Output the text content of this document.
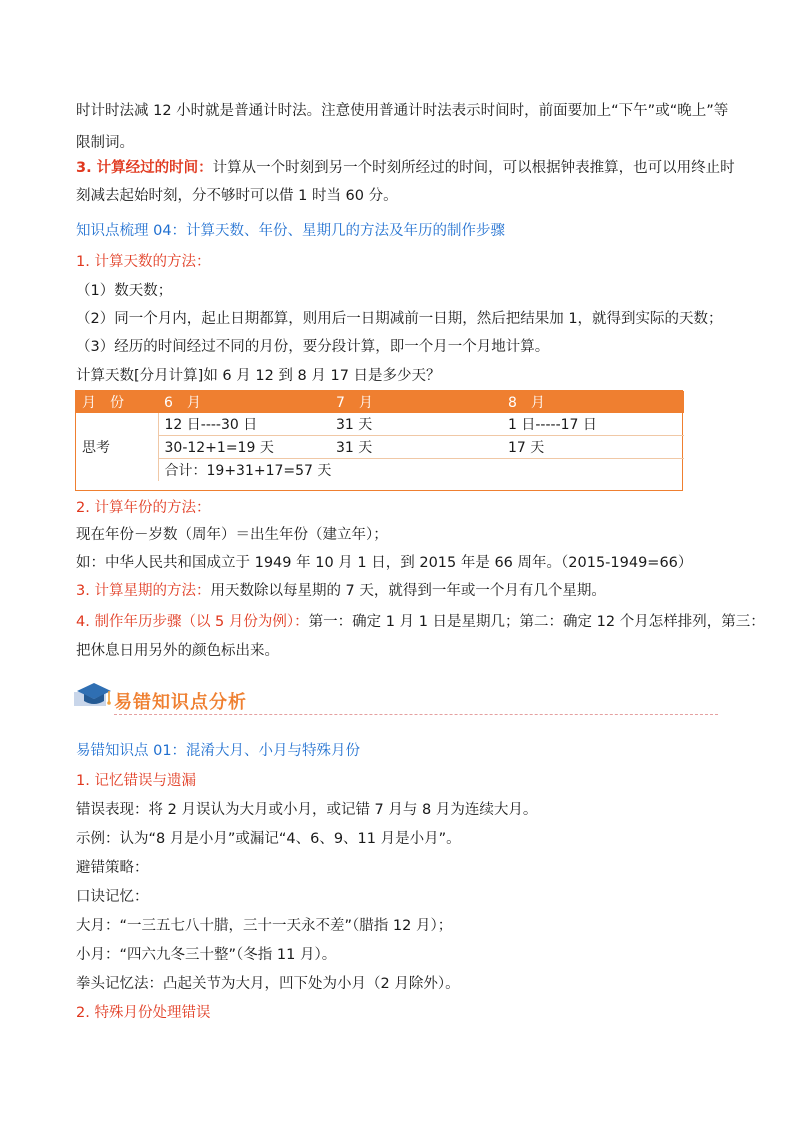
时计时法减 12 小时就是普通计时法。注意使用普通计时法表示时间时，前面要加上“下午”或“晚上”等
限制词。
3. 计算经过的时间：计算从一个时刻到另一个时刻所经过的时间，可以根据钟表推算，也可以用终止时
刻减去起始时刻，分不够时可以借 1 时当 60 分。
知识点梳理 04：计算天数、年份、星期几的方法及年历的制作步骤
1. 计算天数的方法：
（1）数天数；
（2）同一个月内，起止日期都算，则用后一日期减前一日期，然后把结果加 1，就得到实际的天数；
（3）经历的时间经过不同的月份，要分段计算，即一个月一个月地计算。
计算天数[分月计算]如 6 月 12 到 8 月 17 日是多少天？
月　份	6　月	7　月	8　月
思考	12 日----30 日	31 天	1 日-----17 日
	30-12+1=19 天	31 天	17 天
	合计：19+31+17=57 天		
2. 计算年份的方法：
现在年份－岁数（周年）＝出生年份（建立年）；
如：中华人民共和国成立于 1949 年 10 月 1 日，到 2015 年是 66 周年。（2015-1949=66）
3. 计算星期的方法：用天数除以每星期的 7 天，就得到一年或一个月有几个星期。
4. 制作年历步骤（以 5 月份为例）：第一：确定 1 月 1 日是星期几；第二：确定 12 个月怎样排列，第三：
把休息日用另外的颜色标出来。
易错知识点分析
易错知识点 01：混淆大月、小月与特殊月份
1. 记忆错误与遗漏
错误表现：将 2 月误认为大月或小月，或记错 7 月与 8 月为连续大月。
示例：认为“8 月是小月”或漏记“4、6、9、11 月是小月”。
避错策略：
口诀记忆：
大月：“一三五七八十腊，三十一天永不差”（腊指 12 月）；
小月：“四六九冬三十整”（冬指 11 月）。
拳头记忆法：凸起关节为大月，凹下处为小月（2 月除外）。
2. 特殊月份处理错误
